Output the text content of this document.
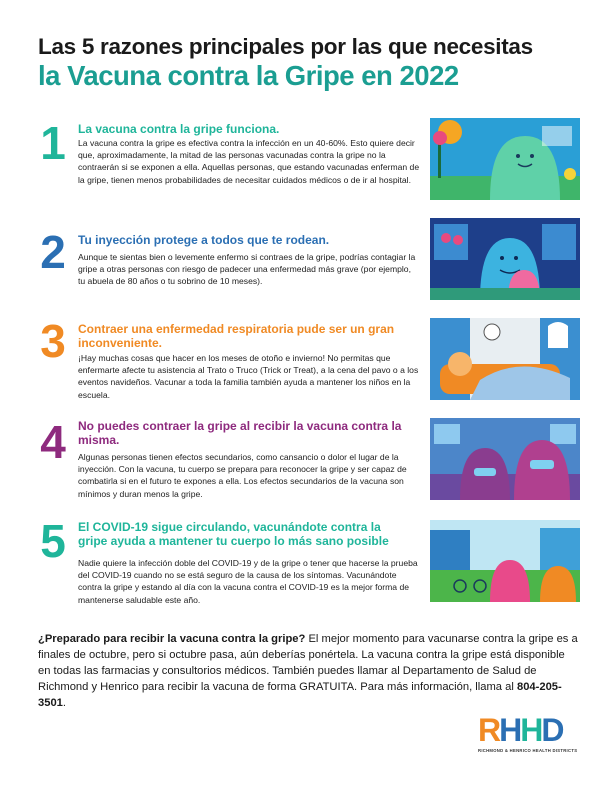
Las 5 razones principales por las que necesitas
la Vacuna contra la Gripe en 2022
1	La vacuna contra la gripe funciona.
La vacuna contra la gripe es efectiva contra la infección en un 40-60%. Esto quiere decir que, aproximadamente, la mitad de las personas vacunadas contra la gripe no la contraerán si se exponen a ella. Aquellas personas, que estando vacunadas enferman de la gripe, tienen menos probabilidades de necesitar cuidados médicos o de ir al hospital.
2	Tu inyección protege a todos que te rodean.
Aunque te sientas bien o levemente enfermo si contraes de la gripe, podrías contagiar la gripe a otras personas con riesgo de padecer una enfermedad más grave (por ejemplo, tu abuela de 80 años o tu sobrino de 10 meses).
3	Contraer una enfermedad respiratoria pude ser un gran inconveniente.
¡Hay muchas cosas que hacer en los meses de otoño e invierno! No permitas que enfermarte afecte tu asistencia al Trato o Truco (Trick or Treat), a la cena del pavo o a los eventos navideños. Vacunar a toda la familia también ayuda a mantener los niños en la escuela.
4	No puedes contraer la gripe al recibir la vacuna contra la misma.
Algunas personas tienen efectos secundarios, como cansancio o dolor el lugar de la inyección. Con la vacuna, tu cuerpo se prepara para reconocer la gripe y ser capaz de combatirla si en el futuro te expones a ella. Los efectos secundarios de la vacuna son mínimos y duran menos la gripe.
5	El COVID-19 sigue circulando, vacunándote contra la gripe ayuda a mantener tu cuerpo lo más sano posible
Nadie quiere la infección doble del COVID-19 y de la gripe o tener que hacerse la prueba del COVID-19 cuando no se está seguro de la causa de los síntomas. Vacunándote contra la gripe y estando al día con la vacuna contra el COVID-19 es la mejor forma de mantenerse saludable este año.
¿Preparado para recibir la vacuna contra la gripe? El mejor momento para vacunarse contra la gripe es a finales de octubre, pero si octubre pasa, aún deberías ponértela. La vacuna contra la gripe está disponible en todas las farmacias y consultorios médicos. También puedes llamar al Departamento de Salud de Richmond y Henrico para recibir la vacuna de forma GRATUITA. Para más información, llama al 804-205-3501.
RHHD
RICHMOND & HENRICO HEALTH DISTRICTS
